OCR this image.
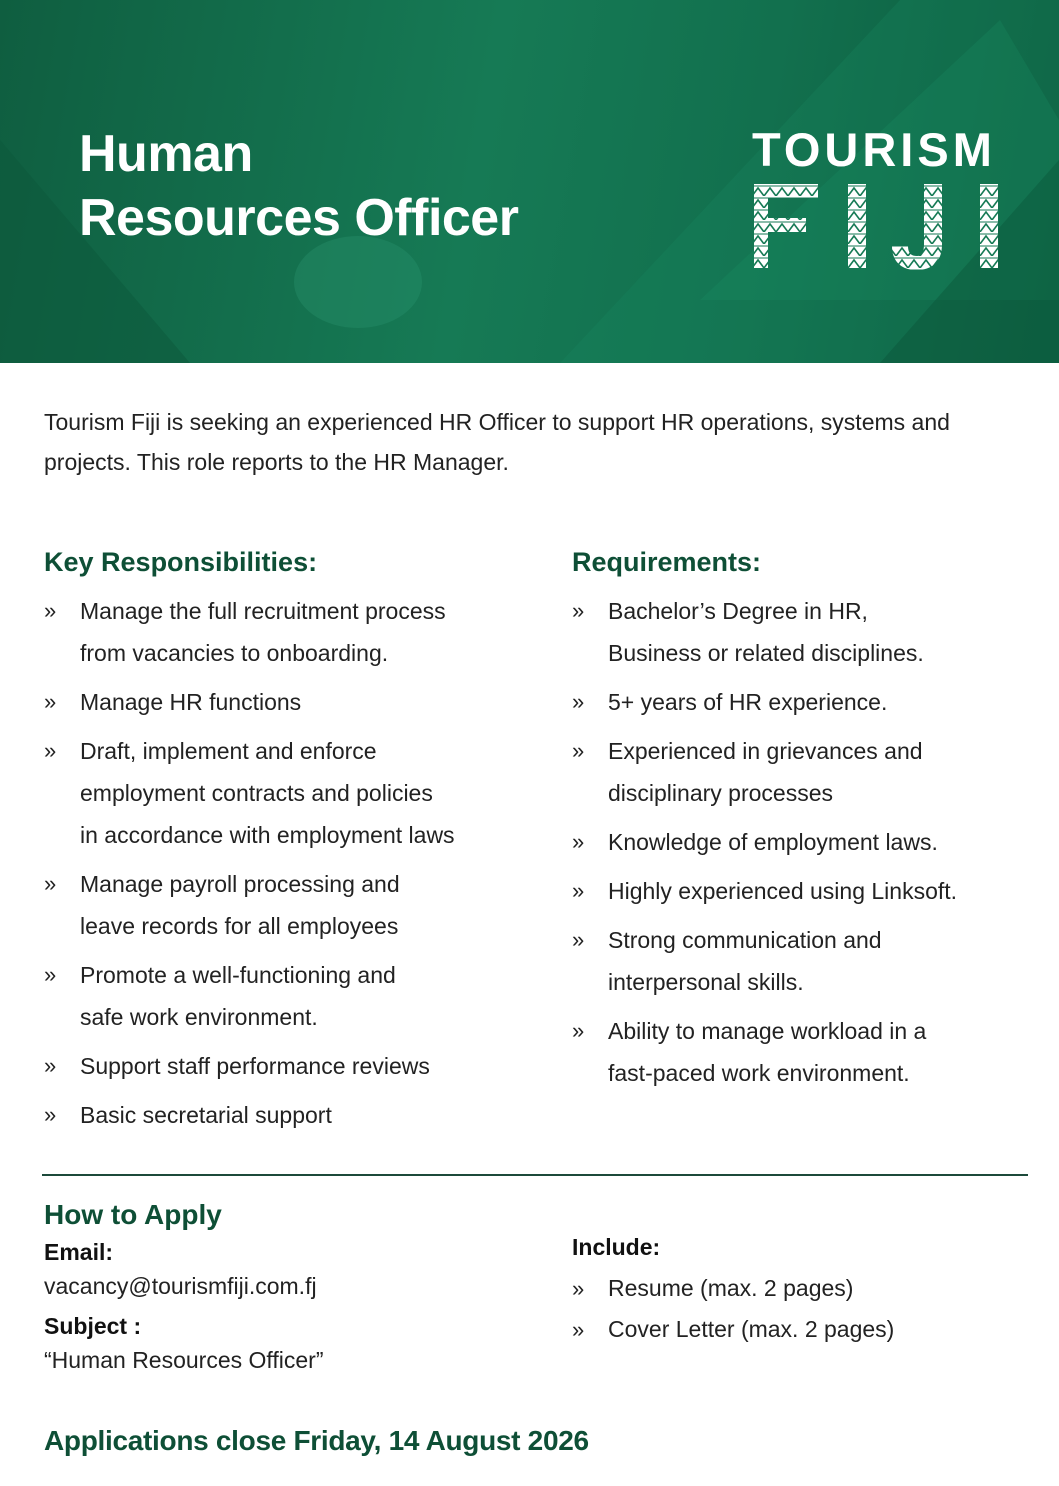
Human
Resources Officer
TOURISM

Tourism Fiji is seeking an experienced HR Officer to support HR operations, systems and projects. This role reports to the HR Manager.

Key Responsibilities:
» Manage the full recruitment process
from vacancies to onboarding.
» Manage HR functions
» Draft, implement and enforce
employment contracts and policies
in accordance with employment laws
» Manage payroll processing and
leave records for all employees
» Promote a well-functioning and
safe work environment.
» Support staff performance reviews
» Basic secretarial support
Requirements:
» Bachelor’s Degree in HR,
Business or related disciplines.
» 5+ years of HR experience.
» Experienced in grievances and
disciplinary processes
» Knowledge of employment laws.
» Highly experienced using Linksoft.
» Strong communication and
interpersonal skills.
» Ability to manage workload in a
fast-paced work environment.
How to Apply
Email:
vacancy@tourismfiji.com.fj
Subject :
“Human Resources Officer”
Include:
» Resume (max. 2 pages)
» Cover Letter (max. 2 pages)
Applications close Friday, 14 August 2026
